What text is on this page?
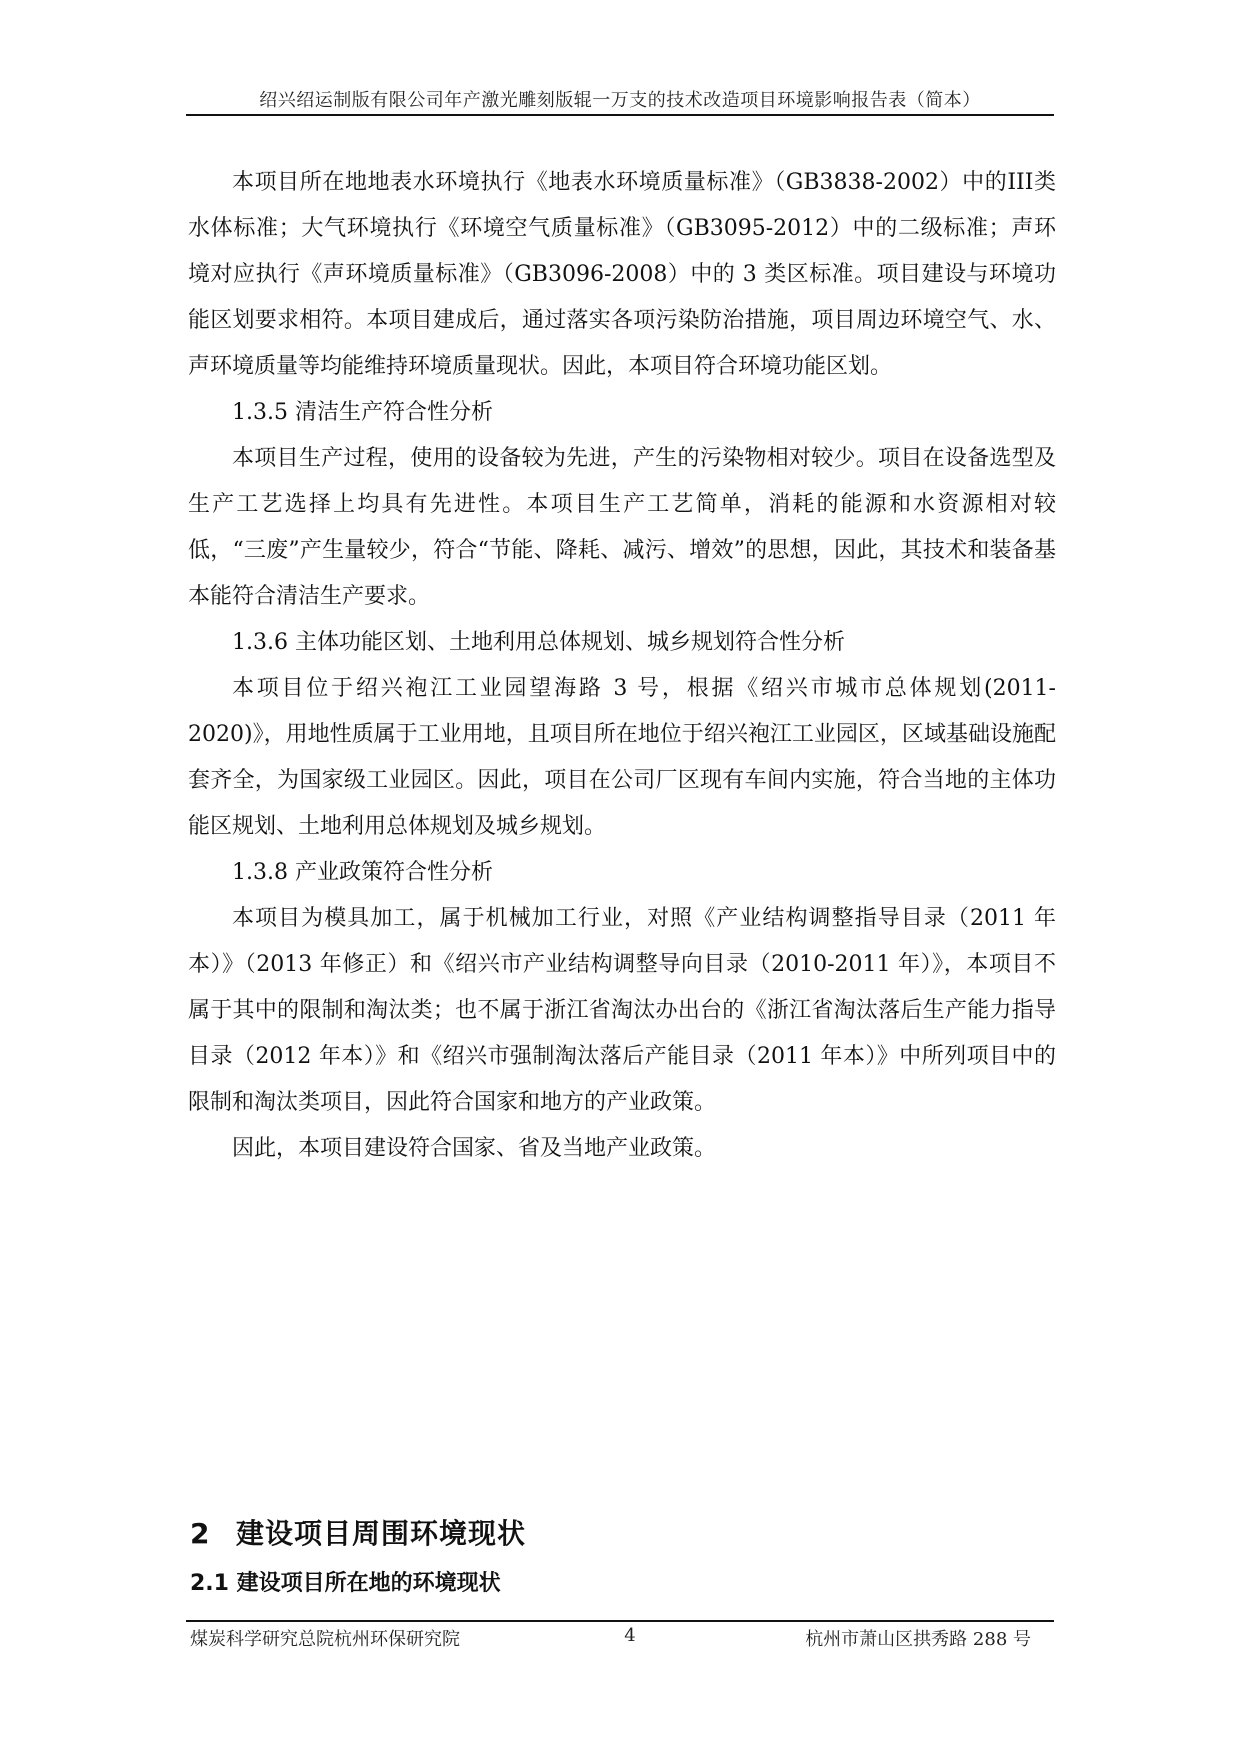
绍兴绍运制版有限公司年产激光雕刻版辊一万支的技术改造项目环境影响报告表（简本）

本项目所在地地表水环境执行《地表水环境质量标准》（GB3838-2002）中的III类水体标准；大气环境执行《环境空气质量标准》（GB3095-2012）中的二级标准；声环境对应执行《声环境质量标准》（GB3096-2008）中的 3 类区标准。项目建设与环境功能区划要求相符。本项目建成后，通过落实各项污染防治措施，项目周边环境空气、水、声环境质量等均能维持环境质量现状。因此，本项目符合环境功能区划。

1.3.5 清洁生产符合性分析

本项目生产过程，使用的设备较为先进，产生的污染物相对较少。项目在设备选型及生产工艺选择上均具有先进性。本项目生产工艺简单，消耗的能源和水资源相对较低，“三废”产生量较少，符合“节能、降耗、减污、增效”的思想，因此，其技术和装备基本能符合清洁生产要求。

1.3.6 主体功能区划、土地利用总体规划、城乡规划符合性分析

本项目位于绍兴袍江工业园望海路 3 号，根据《绍兴市城市总体规划(2011-2020)》，用地性质属于工业用地，且项目所在地位于绍兴袍江工业园区，区域基础设施配套齐全，为国家级工业园区。因此，项目在公司厂区现有车间内实施，符合当地的主体功能区规划、土地利用总体规划及城乡规划。

1.3.8 产业政策符合性分析

本项目为模具加工，属于机械加工行业，对照《产业结构调整指导目录（2011 年本）》（2013 年修正）和《绍兴市产业结构调整导向目录（2010-2011 年）》，本项目不属于其中的限制和淘汰类；也不属于浙江省淘汰办出台的《浙江省淘汰落后生产能力指导目录（2012 年本）》和《绍兴市强制淘汰落后产能目录（2011 年本）》中所列项目中的限制和淘汰类项目，因此符合国家和地方的产业政策。

因此，本项目建设符合国家、省及当地产业政策。

2 建设项目周围环境现状
2.1 建设项目所在地的环境现状
煤炭科学研究总院杭州环保研究院	4	杭州市萧山区拱秀路 288 号
